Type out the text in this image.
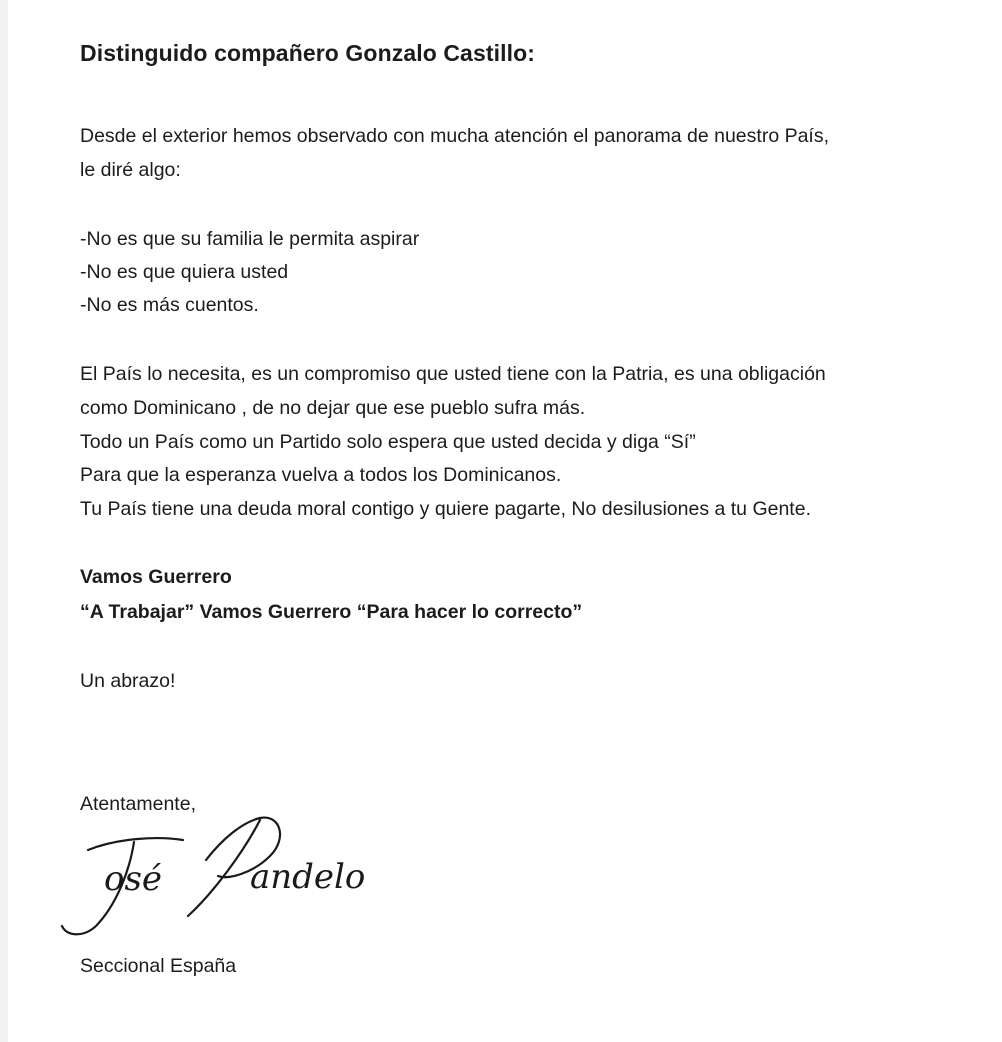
Distinguido compañero Gonzalo Castillo:
Desde el exterior hemos observado con mucha atención el panorama de nuestro País,
le diré algo:
-No es que su familia le permita aspirar
-No es que quiera usted
-No es más cuentos.
El País lo necesita, es un compromiso que usted tiene con la Patria, es una obligación
como Dominicano , de no dejar que ese pueblo sufra más.
Todo un País como un Partido solo espera que usted decida y diga “Sí”
Para que la esperanza vuelva a todos los Dominicanos.
Tu País tiene una deuda moral contigo y quiere pagarte, No desilusiones a tu Gente.
Vamos Guerrero
“A Trabajar” Vamos Guerrero “Para hacer lo correcto”
Un abrazo!
Atentamente,
osé	andelo
Seccional España
